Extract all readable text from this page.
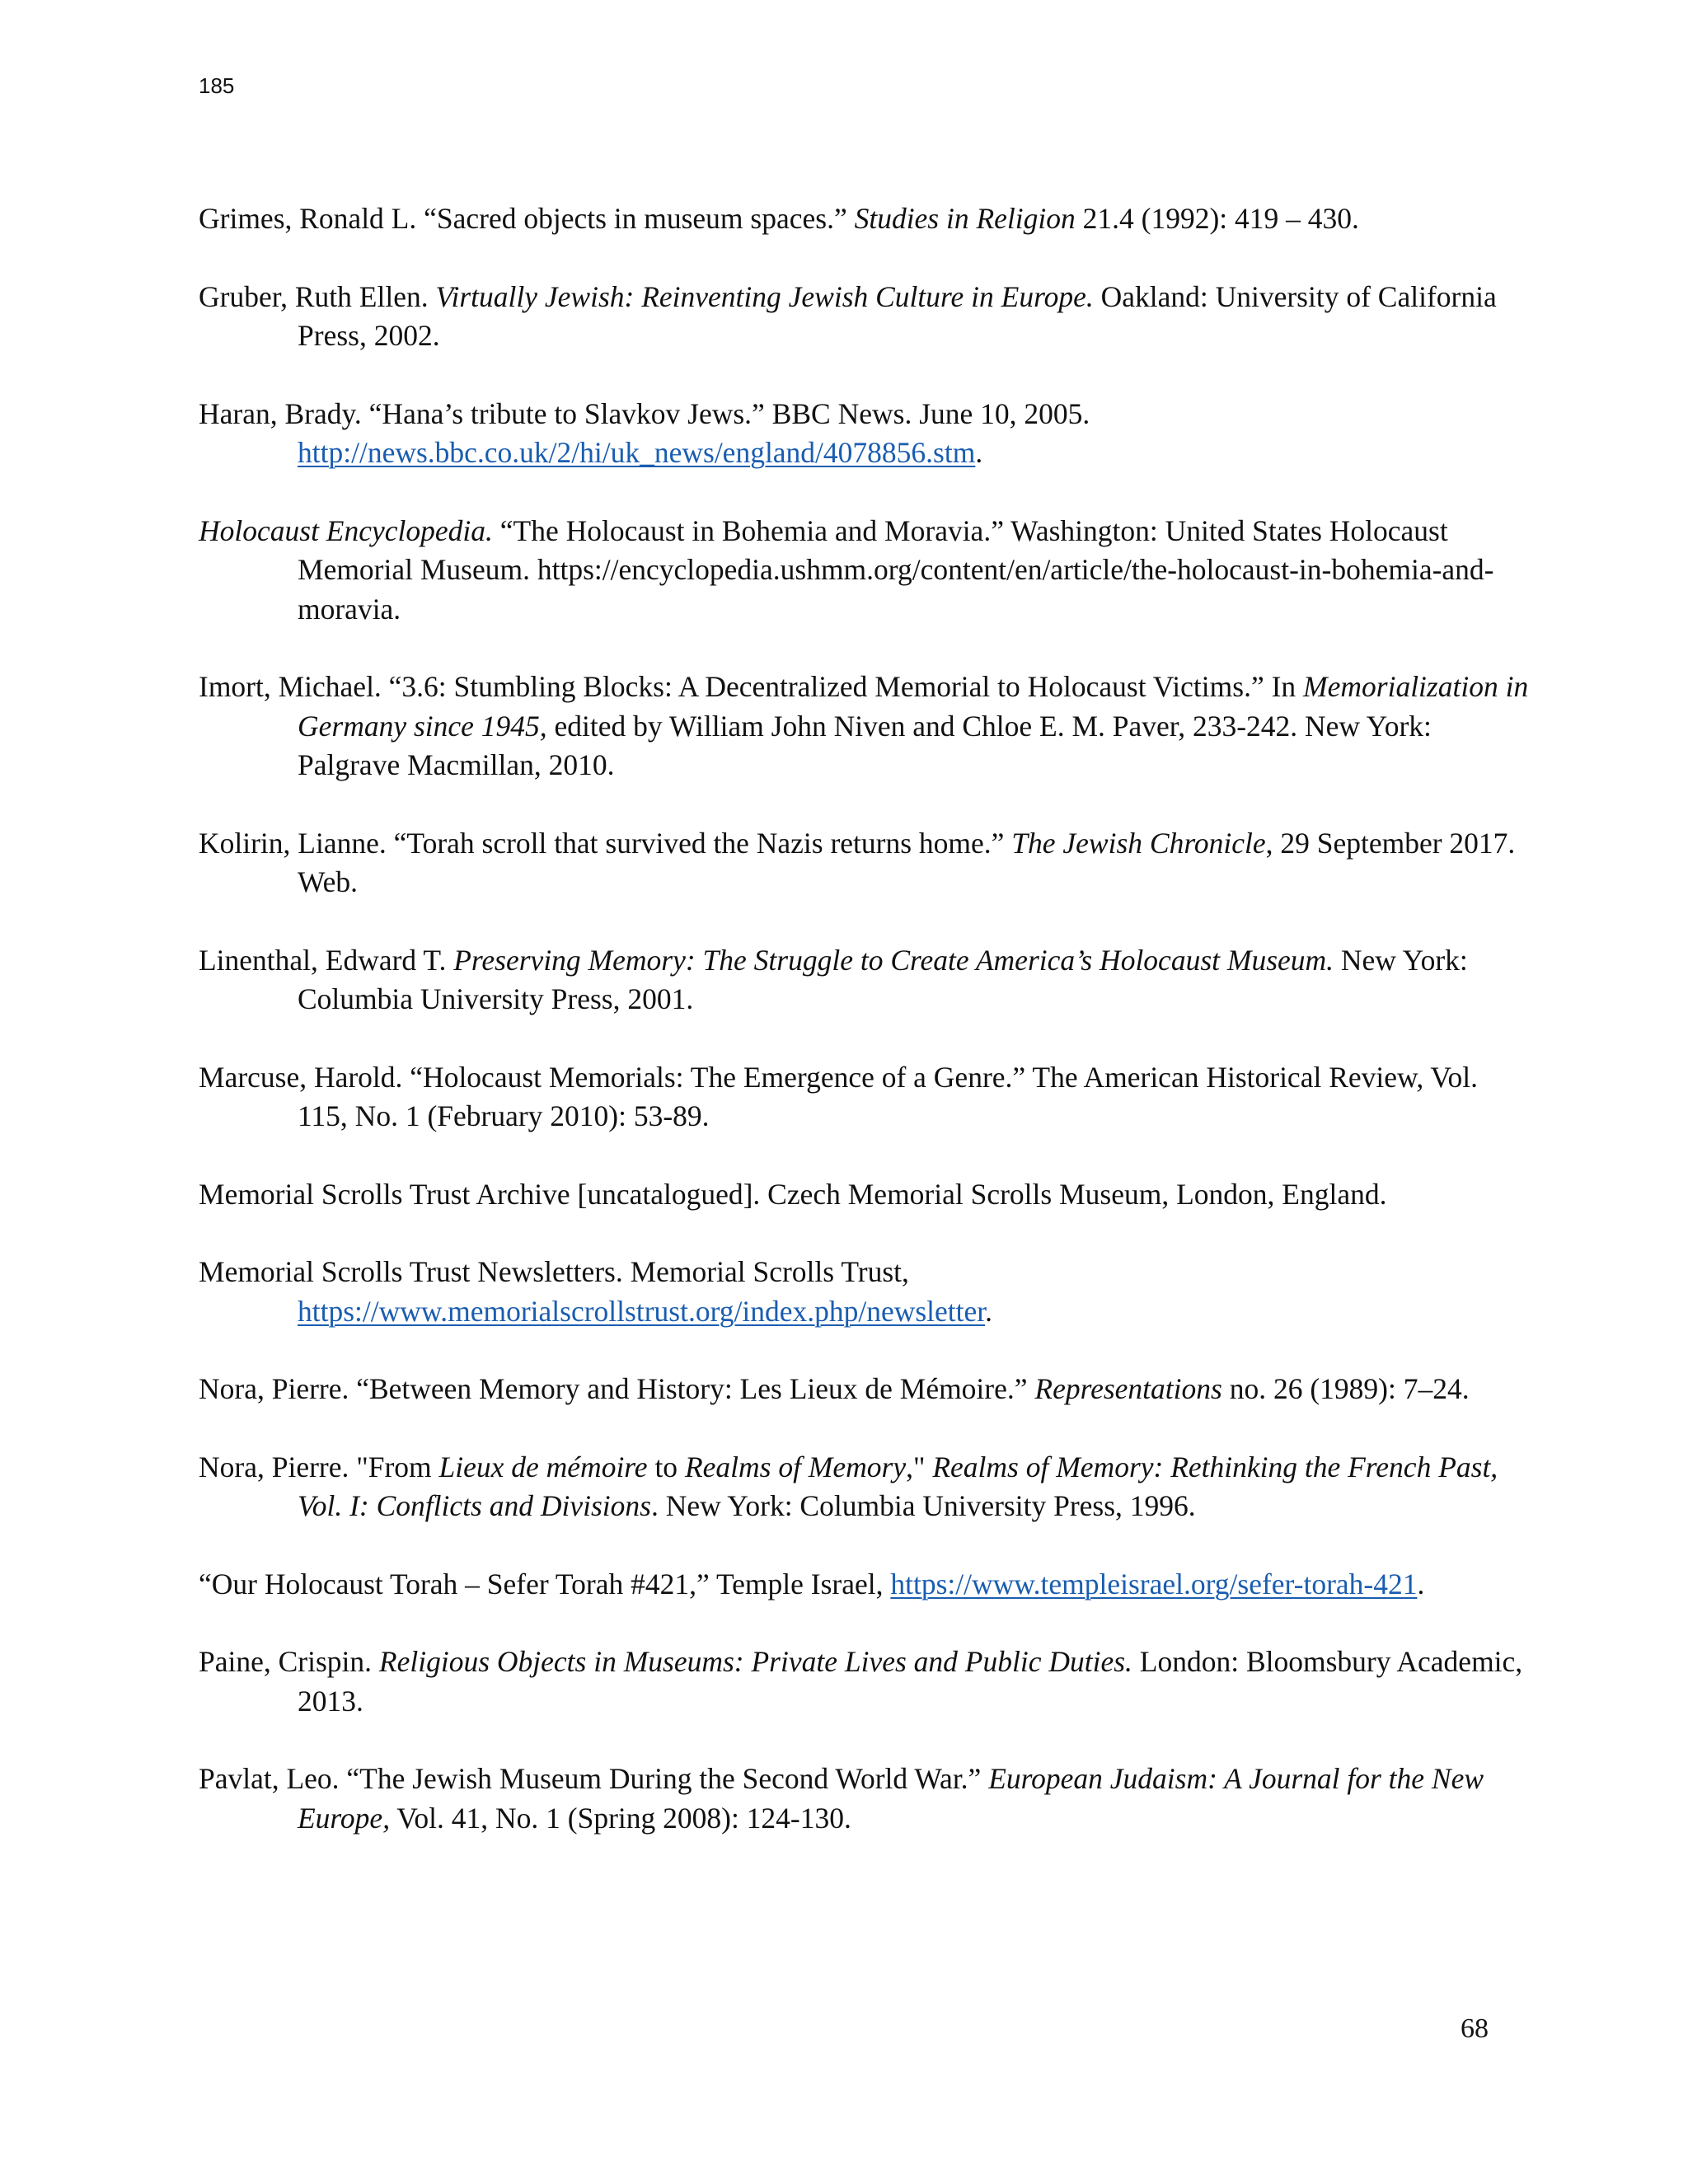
185

Grimes, Ronald L. “Sacred objects in museum spaces.” Studies in Religion 21.4 (1992): 419 – 430.

Gruber, Ruth Ellen. Virtually Jewish: Reinventing Jewish Culture in Europe. Oakland: University of California Press, 2002.

Haran, Brady. “Hana’s tribute to Slavkov Jews.” BBC News. June 10, 2005. http://news.bbc.co.uk/2/hi/uk_news/england/4078856.stm.

Holocaust Encyclopedia. “The Holocaust in Bohemia and Moravia.” Washington: United States Holocaust Memorial Museum. https://encyclopedia.ushmm.org/content/en/article/the-holocaust-in-bohemia-and-moravia.

Imort, Michael. “3.6: Stumbling Blocks: A Decentralized Memorial to Holocaust Victims.” In Memorialization in Germany since 1945, edited by William John Niven and Chloe E. M. Paver, 233-242. New York: Palgrave Macmillan, 2010.

Kolirin, Lianne. “Torah scroll that survived the Nazis returns home.” The Jewish Chronicle, 29 September 2017. Web.

Linenthal, Edward T. Preserving Memory: The Struggle to Create America’s Holocaust Museum. New York: Columbia University Press, 2001.

Marcuse, Harold. “Holocaust Memorials: The Emergence of a Genre.” The American Historical Review, Vol. 115, No. 1 (February 2010): 53-89.

Memorial Scrolls Trust Archive [uncatalogued]. Czech Memorial Scrolls Museum, London, England.

Memorial Scrolls Trust Newsletters. Memorial Scrolls Trust, https://www.memorialscrollstrust.org/index.php/newsletter.

Nora, Pierre. “Between Memory and History: Les Lieux de Mémoire.” Representations no. 26 (1989): 7–24.

Nora, Pierre. "From Lieux de mémoire to Realms of Memory," Realms of Memory: Rethinking the French Past, Vol. I: Conflicts and Divisions. New York: Columbia University Press, 1996.

“Our Holocaust Torah – Sefer Torah #421,” Temple Israel, https://www.templeisrael.org/sefer-torah-421.

Paine, Crispin. Religious Objects in Museums: Private Lives and Public Duties. London: Bloomsbury Academic, 2013.

Pavlat, Leo. “The Jewish Museum During the Second World War.” European Judaism: A Journal for the New Europe, Vol. 41, No. 1 (Spring 2008): 124-130.

68
